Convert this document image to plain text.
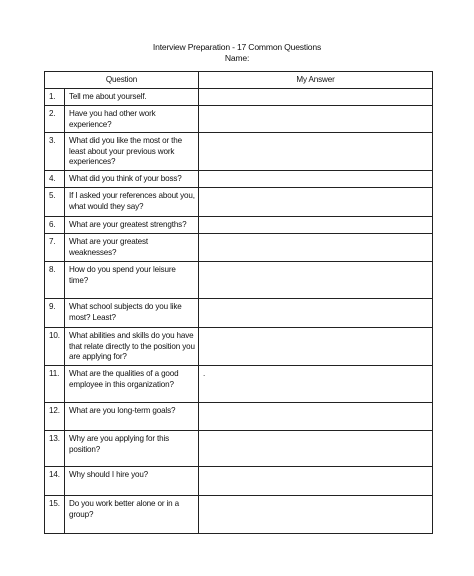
Interview Preparation - 17 Common Questions
Name:
Question		My Answer
1.	Tell me about yourself.	

2.	Have you had other work experience?	

3.	What did you like the most or the least about your previous work experiences?	

4.	What did you think of your boss?	

5.	If I asked your references about you, what would they say?	

6.	What are your greatest strengths?	

7.	What are your greatest weaknesses?	

8.	How do you spend your leisure time?	

9.	What school subjects do you like most? Least?	

10.	What abilities and skills do you have that relate directly to the position you are applying for?	

11.	What are the qualities of a good employee in this organization?	.

12.	What are you long-term goals?	

13.	Why are you applying for this position?	

14.	Why should I hire you?	

15.	Do you work better alone or in a group?	
